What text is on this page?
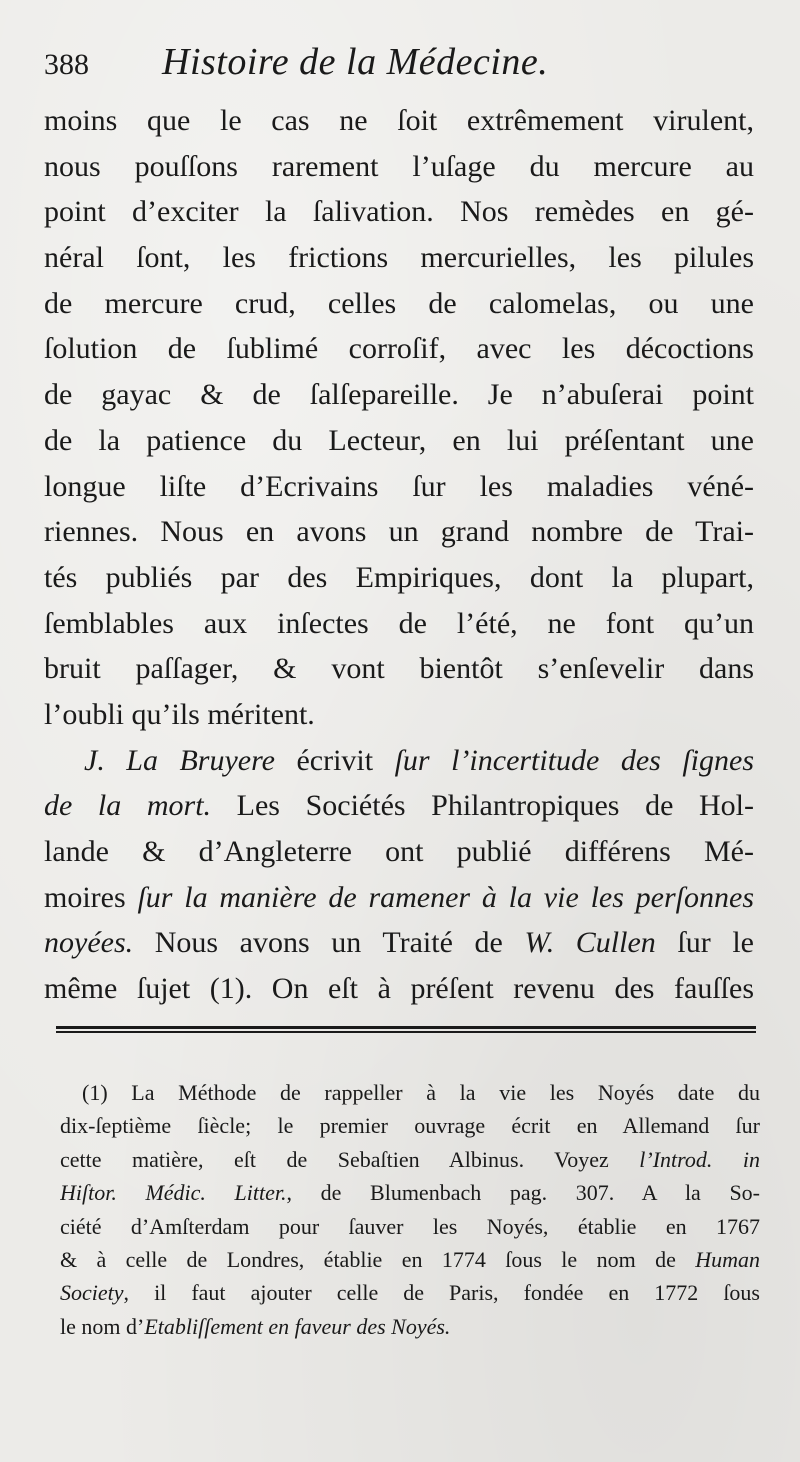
388	Histoire de la Médecine.
moins que le cas ne ſoit extrêmement virulent,
nous pouſſons rarement l’uſage du mercure au
point d’exciter la ſalivation. Nos remèdes en gé-
néral ſont, les frictions mercurielles, les pilules
de mercure crud, celles de calomelas, ou une
ſolution de ſublimé corroſif, avec les décoctions
de gayac & de ſalſepareille. Je n’abuſerai point
de la patience du Lecteur, en lui préſentant une
longue liſte d’Ecrivains ſur les maladies véné-
riennes. Nous en avons un grand nombre de Trai-
tés publiés par des Empiriques, dont la plupart,
ſemblables aux inſectes de l’été, ne font qu’un
bruit paſſager, & vont bientôt s’enſevelir dans
l’oubli qu’ils méritent.
J. La Bruyere écrivit ſur l’incertitude des ſignes
de la mort. Les Sociétés Philantropiques de Hol-
lande & d’Angleterre ont publié différens Mé-
moires ſur la manière de ramener à la vie les perſonnes
noyées. Nous avons un Traité de W. Cullen ſur le
même ſujet (1). On eſt à préſent revenu des fauſſes
(1) La Méthode de rappeller à la vie les Noyés date du
dix-ſeptième ſiècle; le premier ouvrage écrit en Allemand ſur
cette matière, eſt de Sebaſtien Albinus. Voyez l’Introd. in
Hiſtor. Médic. Litter., de Blumenbach pag. 307. A la So-
ciété d’Amſterdam pour ſauver les Noyés, établie en 1767
& à celle de Londres, établie en 1774 ſous le nom de Human
Society, il faut ajouter celle de Paris, fondée en 1772 ſous
le nom d’Etabliſſement en faveur des Noyés.
